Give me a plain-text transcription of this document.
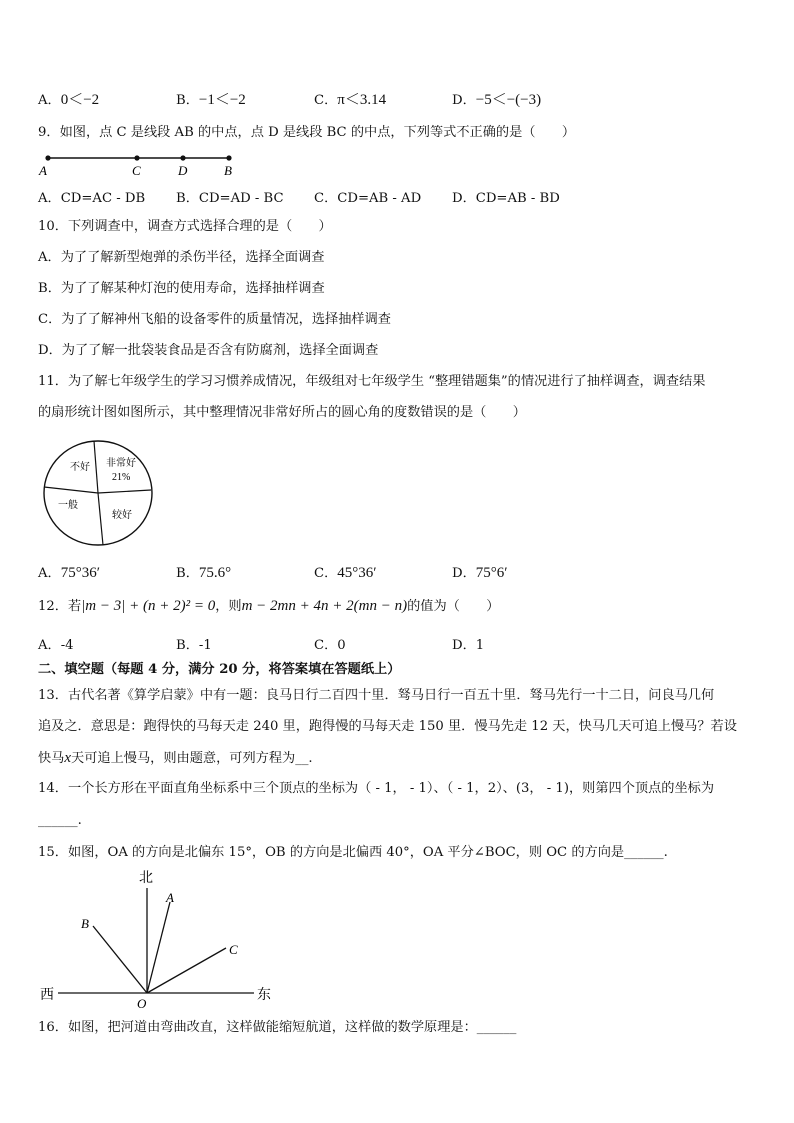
A．0＜−2	B．−1＜−2	C．π＜3.14	D．−5＜−(−3)
9．如图，点 C 是线段 AB 的中点，点 D 是线段 BC 的中点，下列等式不正确的是（　　）
A	C	D	B
A．CD=AC - DB B．CD=AD - BC C．CD=AB - AD D．CD=AB - BD
10．下列调查中，调查方式选择合理的是（　　）
A．为了了解新型炮弹的杀伤半径，选择全面调查
B．为了了解某种灯泡的使用寿命，选择抽样调查
C．为了了解神州飞船的设备零件的质量情况，选择抽样调查
D．为了了解一批袋装食品是否含有防腐剂，选择全面调查
11．为了解七年级学生的学习习惯养成情况，年级组对七年级学生 “整理错题集”的情况进行了抽样调查，调查结果
的扇形统计图如图所示，其中整理情况非常好所占的圆心角的度数错误的是（　　）
不好 非常好
21%
一般
较好
A．75°36′	B．75.6°	C．45°36′	D．75°6′
12．若|m − 3| + (n + 2)² = 0，则m − 2mn + 4n + 2(mn − n)的值为（　　）
A．-4	B．-1	C．0	D．1
二、填空题（每题 4 分，满分 20 分，将答案填在答题纸上）
13．古代名著《算学启蒙》中有一题：良马日行二百四十里．驽马日行一百五十里．驽马先行一十二日，问良马几何
追及之．意思是：跑得快的马每天走 240 里，跑得慢的马每天走 150 里．慢马先走 12 天，快马几天可追上慢马？若设
快马x天可追上慢马，则由题意，可列方程为__.
14．一个长方形在平面直角坐标系中三个顶点的坐标为（ - 1， - 1）、（ - 1，2）、(3， - 1)，则第四个顶点的坐标为
______.
15．如图，OA 的方向是北偏东 15°，OB 的方向是北偏西 40°，OA 平分∠BOC，则 OC 的方向是______.
北
西	东
A
B
C
O
16．如图，把河道由弯曲改直，这样做能缩短航道，这样做的数学原理是：______
